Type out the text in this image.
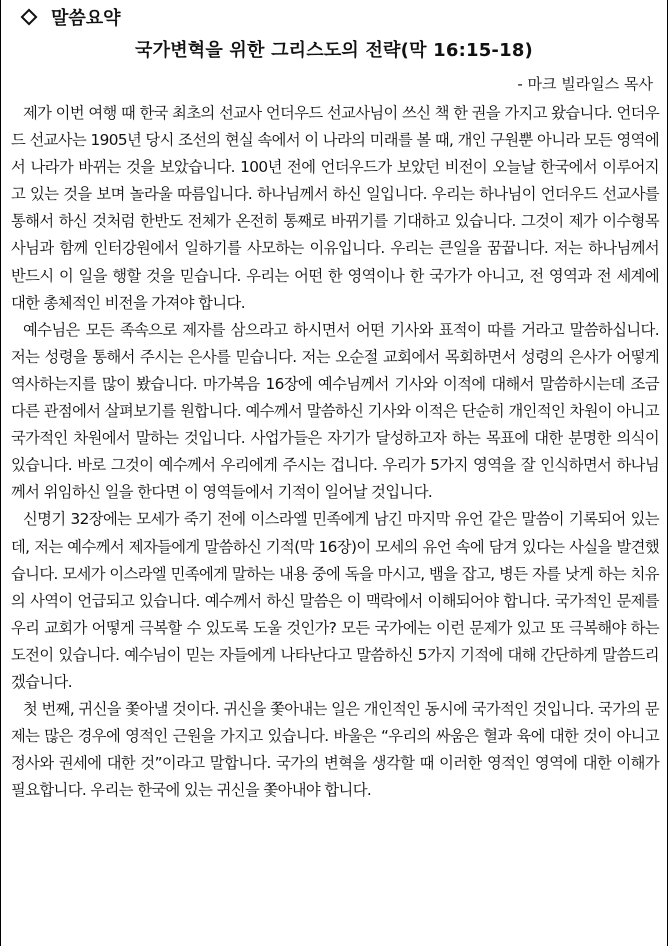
말씀요약
국가변혁을 위한 그리스도의 전략(막 16:15-18)
- 마크 빌라일스 목사

제가 이번 여행 때 한국 최초의 선교사 언더우드 선교사님이 쓰신 책 한 권을 가지고 왔습니다. 언더우드 선교사는 1905년 당시 조선의 현실 속에서 이 나라의 미래를 볼 때, 개인 구원뿐 아니라 모든 영역에서 나라가 바뀌는 것을 보았습니다. 100년 전에 언더우드가 보았던 비전이 오늘날 한국에서 이루어지고 있는 것을 보며 놀라울 따름입니다. 하나님께서 하신 일입니다. 우리는 하나님이 언더우드 선교사를 통해서 하신 것처럼 한반도 전체가 온전히 통째로 바뀌기를 기대하고 있습니다. 그것이 제가 이수형목사님과 함께 인터강원에서 일하기를 사모하는 이유입니다. 우리는 큰일을 꿈꿉니다. 저는 하나님께서 반드시 이 일을 행할 것을 믿습니다. 우리는 어떤 한 영역이나 한 국가가 아니고, 전 영역과 전 세계에 대한 총체적인 비전을 가져야 합니다.

예수님은 모든 족속으로 제자를 삼으라고 하시면서 어떤 기사와 표적이 따를 거라고 말씀하십니다. 저는 성령을 통해서 주시는 은사를 믿습니다. 저는 오순절 교회에서 목회하면서 성령의 은사가 어떻게 역사하는지를 많이 봤습니다. 마가복음 16장에 예수님께서 기사와 이적에 대해서 말씀하시는데 조금 다른 관점에서 살펴보기를 원합니다. 예수께서 말씀하신 기사와 이적은 단순히 개인적인 차원이 아니고 국가적인 차원에서 말하는 것입니다. 사업가들은 자기가 달성하고자 하는 목표에 대한 분명한 의식이 있습니다. 바로 그것이 예수께서 우리에게 주시는 겁니다. 우리가 5가지 영역을 잘 인식하면서 하나님께서 위임하신 일을 한다면 이 영역들에서 기적이 일어날 것입니다.

신명기 32장에는 모세가 죽기 전에 이스라엘 민족에게 남긴 마지막 유언 같은 말씀이 기록되어 있는데, 저는 예수께서 제자들에게 말씀하신 기적(막 16장)이 모세의 유언 속에 담겨 있다는 사실을 발견했습니다. 모세가 이스라엘 민족에게 말하는 내용 중에 독을 마시고, 뱀을 잡고, 병든 자를 낫게 하는 치유의 사역이 언급되고 있습니다. 예수께서 하신 말씀은 이 맥락에서 이해되어야 합니다. 국가적인 문제를 우리 교회가 어떻게 극복할 수 있도록 도울 것인가? 모든 국가에는 이런 문제가 있고 또 극복해야 하는 도전이 있습니다. 예수님이 믿는 자들에게 나타난다고 말씀하신 5가지 기적에 대해 간단하게 말씀드리겠습니다.

첫 번째, 귀신을 쫓아낼 것이다. 귀신을 쫓아내는 일은 개인적인 동시에 국가적인 것입니다. 국가의 문제는 많은 경우에 영적인 근원을 가지고 있습니다. 바울은 “우리의 싸움은 혈과 육에 대한 것이 아니고 정사와 권세에 대한 것”이라고 말합니다. 국가의 변혁을 생각할 때 이러한 영적인 영역에 대한 이해가 필요합니다. 우리는 한국에 있는 귀신을 쫓아내야 합니다.
